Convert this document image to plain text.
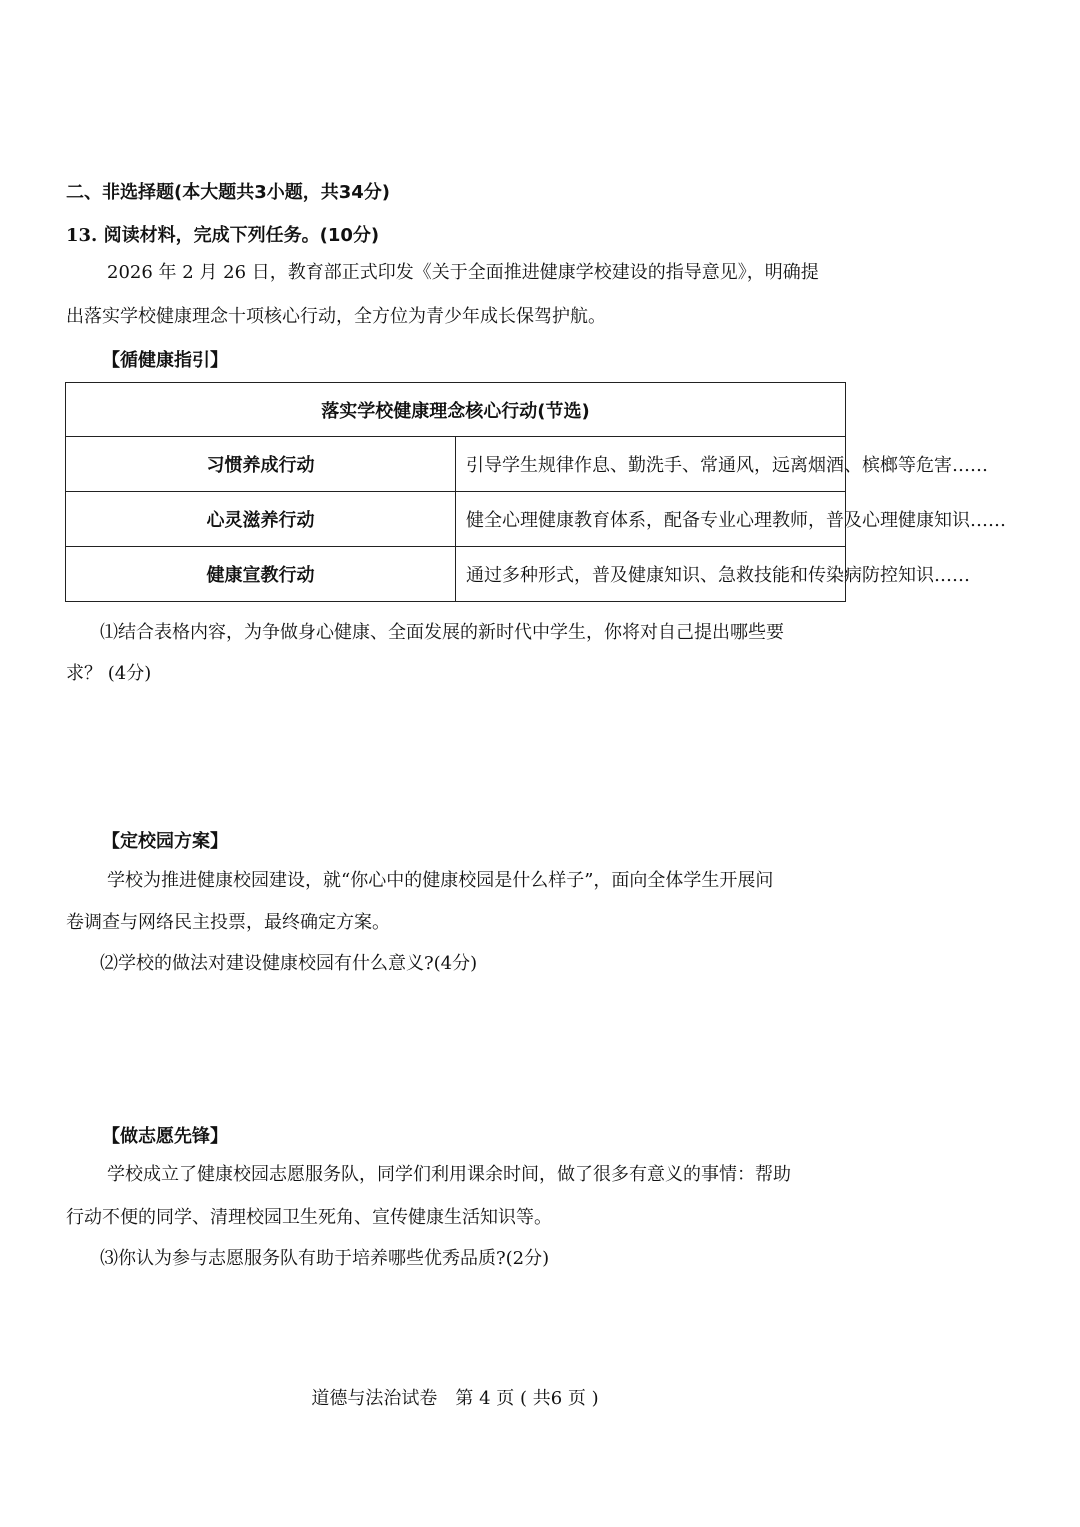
二、非选择题(本大题共3小题，共34分)
13. 阅读材料，完成下列任务。(10分)
2026 年 2 月 26 日，教育部正式印发《关于全面推进健康学校建设的指导意见》，明确提
出落实学校健康理念十项核心行动，全方位为青少年成长保驾护航。
【循健康指引】
落实学校健康理念核心行动(节选)	
习惯养成行动	引导学生规律作息、勤洗手、常通风，远离烟酒、槟榔等危害……
心灵滋养行动	健全心理健康教育体系，配备专业心理教师，普及心理健康知识……
健康宣教行动	通过多种形式，普及健康知识、急救技能和传染病防控知识……
⑴结合表格内容，为争做身心健康、全面发展的新时代中学生，你将对自己提出哪些要
求？ (4分)
【定校园方案】
学校为推进健康校园建设，就“你心中的健康校园是什么样子”，面向全体学生开展问
卷调查与网络民主投票，最终确定方案。
⑵学校的做法对建设健康校园有什么意义?(4分)
【做志愿先锋】
学校成立了健康校园志愿服务队，同学们利用课余时间，做了很多有意义的事情：帮助
行动不便的同学、清理校园卫生死角、宣传健康生活知识等。
⑶你认为参与志愿服务队有助于培养哪些优秀品质?(2分)
道德与法治试卷　第 4 页 ( 共6 页 )
